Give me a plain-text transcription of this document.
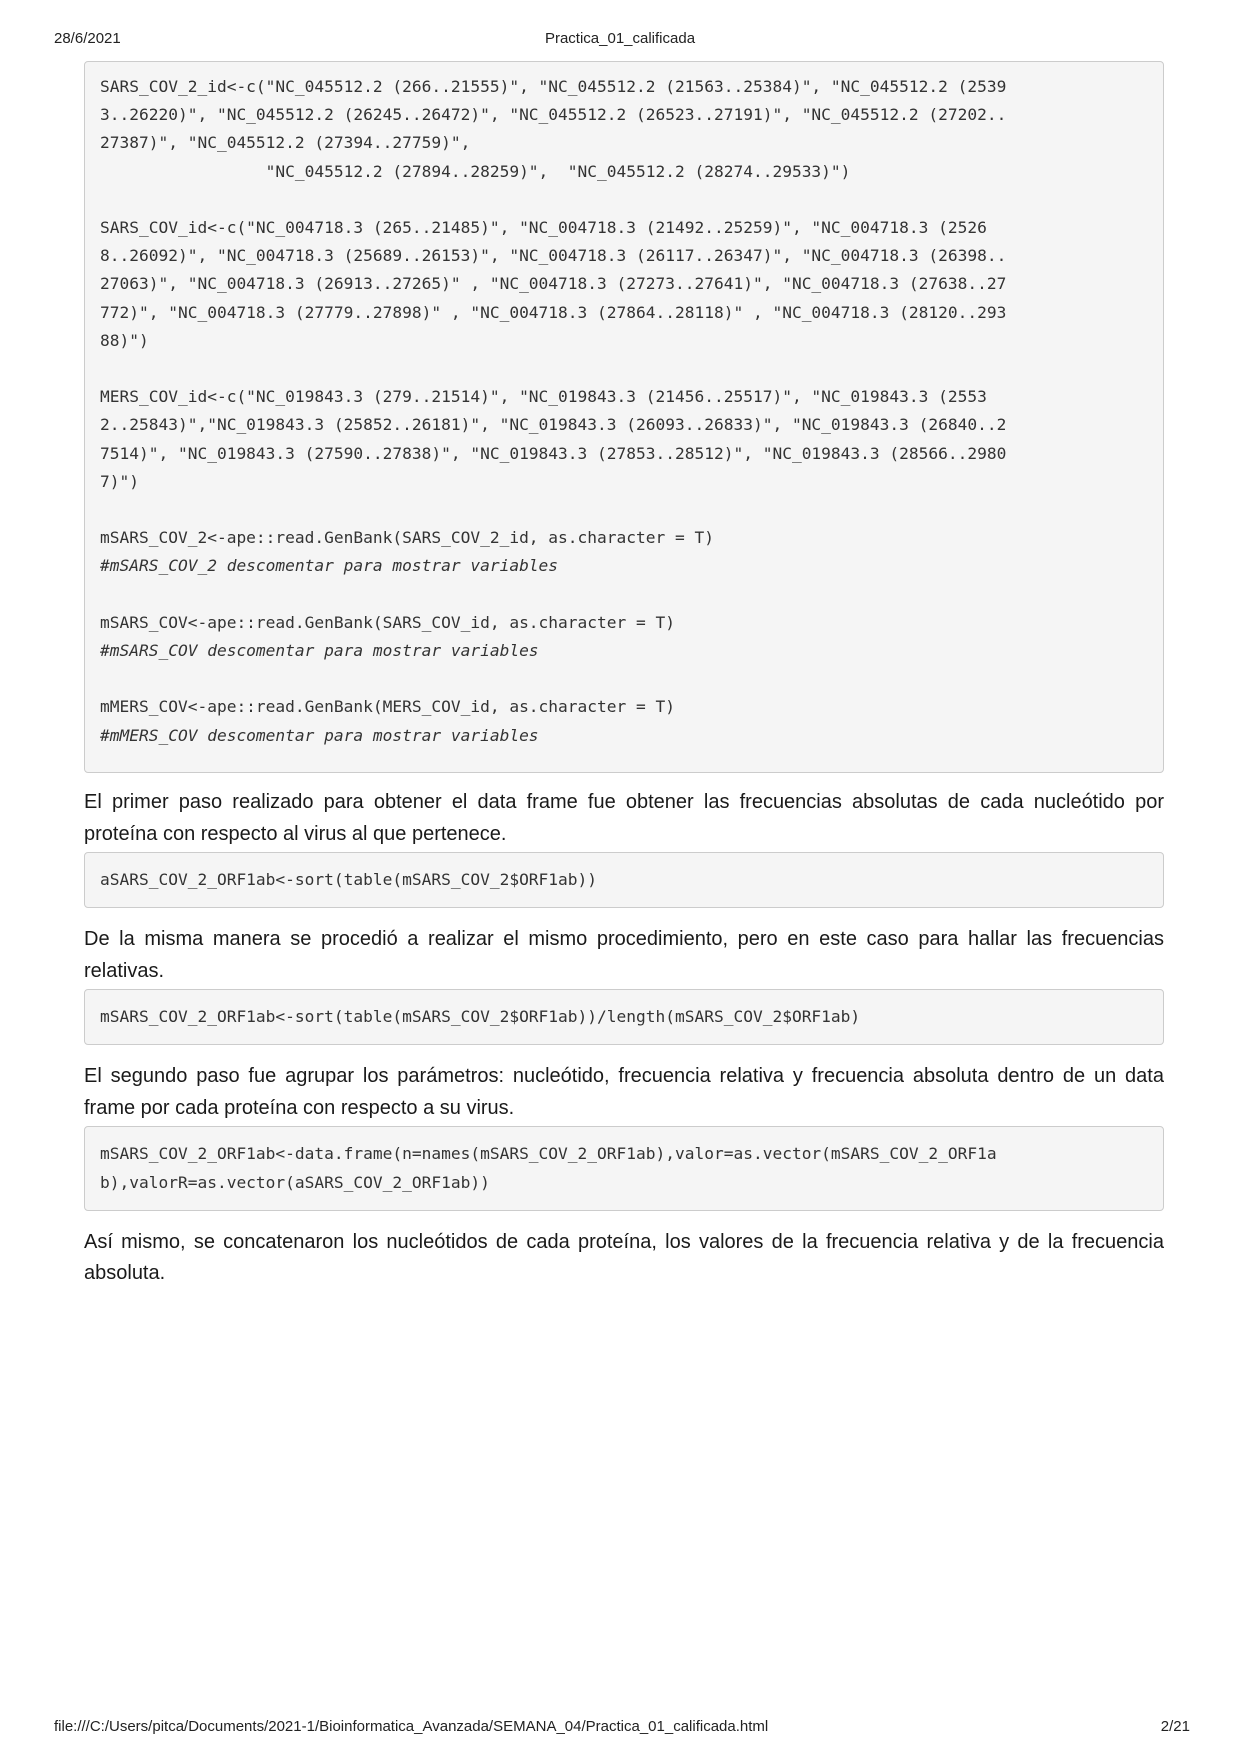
28/6/2021	Practica_01_calificada
SARS_COV_2_id<-c("NC_045512.2 (266..21555)", "NC_045512.2 (21563..25384)", "NC_045512.2 (2539
3..26220)", "NC_045512.2 (26245..26472)", "NC_045512.2 (26523..27191)", "NC_045512.2 (27202..
27387)", "NC_045512.2 (27394..27759)",
"NC_045512.2 (27894..28259)",  "NC_045512.2 (28274..29533)")

SARS_COV_id<-c("NC_004718.3 (265..21485)", "NC_004718.3 (21492..25259)", "NC_004718.3 (2526
8..26092)", "NC_004718.3 (25689..26153)", "NC_004718.3 (26117..26347)", "NC_004718.3 (26398..
27063)", "NC_004718.3 (26913..27265)" , "NC_004718.3 (27273..27641)", "NC_004718.3 (27638..27
772)", "NC_004718.3 (27779..27898)" , "NC_004718.3 (27864..28118)" , "NC_004718.3 (28120..293
88)")

MERS_COV_id<-c("NC_019843.3 (279..21514)", "NC_019843.3 (21456..25517)", "NC_019843.3 (2553
2..25843)","NC_019843.3 (25852..26181)", "NC_019843.3 (26093..26833)", "NC_019843.3 (26840..2
7514)", "NC_019843.3 (27590..27838)", "NC_019843.3 (27853..28512)", "NC_019843.3 (28566..2980
7)")

mSARS_COV_2<-ape::read.GenBank(SARS_COV_2_id, as.character = T)
#mSARS_COV_2 descomentar para mostrar variables

mSARS_COV<-ape::read.GenBank(SARS_COV_id, as.character = T)
#mSARS_COV descomentar para mostrar variables

mMERS_COV<-ape::read.GenBank(MERS_COV_id, as.character = T)
#mMERS_COV descomentar para mostrar variables

El primer paso realizado para obtener el data frame fue obtener las frecuencias absolutas de cada nucleótido por proteína con respecto al virus al que pertenece.

aSARS_COV_2_ORF1ab<-sort(table(mSARS_COV_2$ORF1ab))

De la misma manera se procedió a realizar el mismo procedimiento, pero en este caso para hallar las frecuencias relativas.

mSARS_COV_2_ORF1ab<-sort(table(mSARS_COV_2$ORF1ab))/length(mSARS_COV_2$ORF1ab)

El segundo paso fue agrupar los parámetros: nucleótido, frecuencia relativa y frecuencia absoluta dentro de un data frame por cada proteína con respecto a su virus.

mSARS_COV_2_ORF1ab<-data.frame(n=names(mSARS_COV_2_ORF1ab),valor=as.vector(mSARS_COV_2_ORF1a
b),valorR=as.vector(aSARS_COV_2_ORF1ab))

Así mismo, se concatenaron los nucleótidos de cada proteína, los valores de la frecuencia relativa y de la frecuencia absoluta.

file:///C:/Users/pitca/Documents/2021-1/Bioinformatica_Avanzada/SEMANA_04/Practica_01_calificada.html	2/21
